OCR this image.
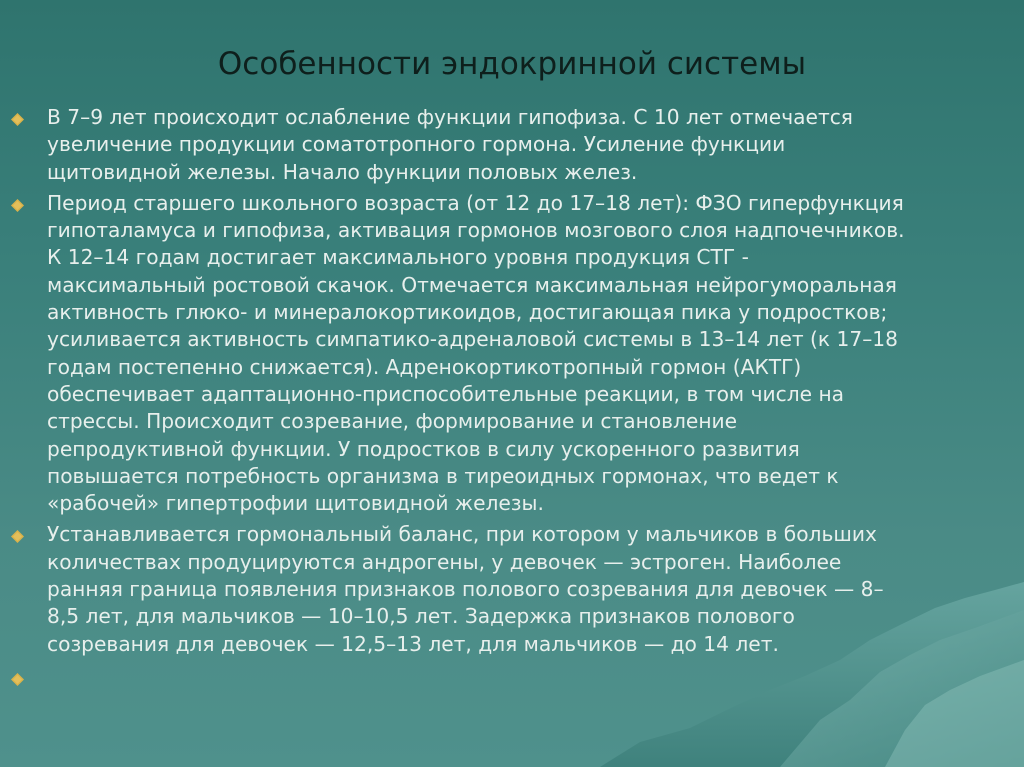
Особенности эндокринной системы
В 7–9 лет происходит ослабление функции гипофиза. С 10 лет отмечается
увеличение продукции соматотропного гормона. Усиление функции
щитовидной железы. Начало функции половых желез.
Период старшего школьного возраста (от 12 до 17–18 лет): ФЗО гиперфункция
гипоталамуса и гипофиза, активация гормонов мозгового слоя надпочечников.
К 12–14 годам достигает максимального уровня продукция СТГ -
максимальный ростовой скачок. Отмечается максимальная нейрогуморальная
активность глюко- и минералокортикоидов, достигающая пика у подростков;
усиливается активность симпатико-адреналовой системы в 13–14 лет (к 17–18
годам постепенно снижается). Адренокортикотропный гормон (АКТГ)
обеспечивает адаптационно-приспособительные реакции, в том числе на
стрессы. Происходит созревание, формирование и становление
репродуктивной функции. У подростков в силу ускоренного развития
повышается потребность организма в тиреоидных гормонах, что ведет к
«рабочей» гипертрофии щитовидной железы.
Устанавливается гормональный баланс, при котором у мальчиков в больших
количествах продуцируются андрогены, у девочек — эстроген. Наиболее
ранняя граница появления признаков полового созревания для девочек — 8–
8,5 лет, для мальчиков — 10–10,5 лет. Задержка признаков полового
созревания для девочек — 12,5–13 лет, для мальчиков — до 14 лет.
